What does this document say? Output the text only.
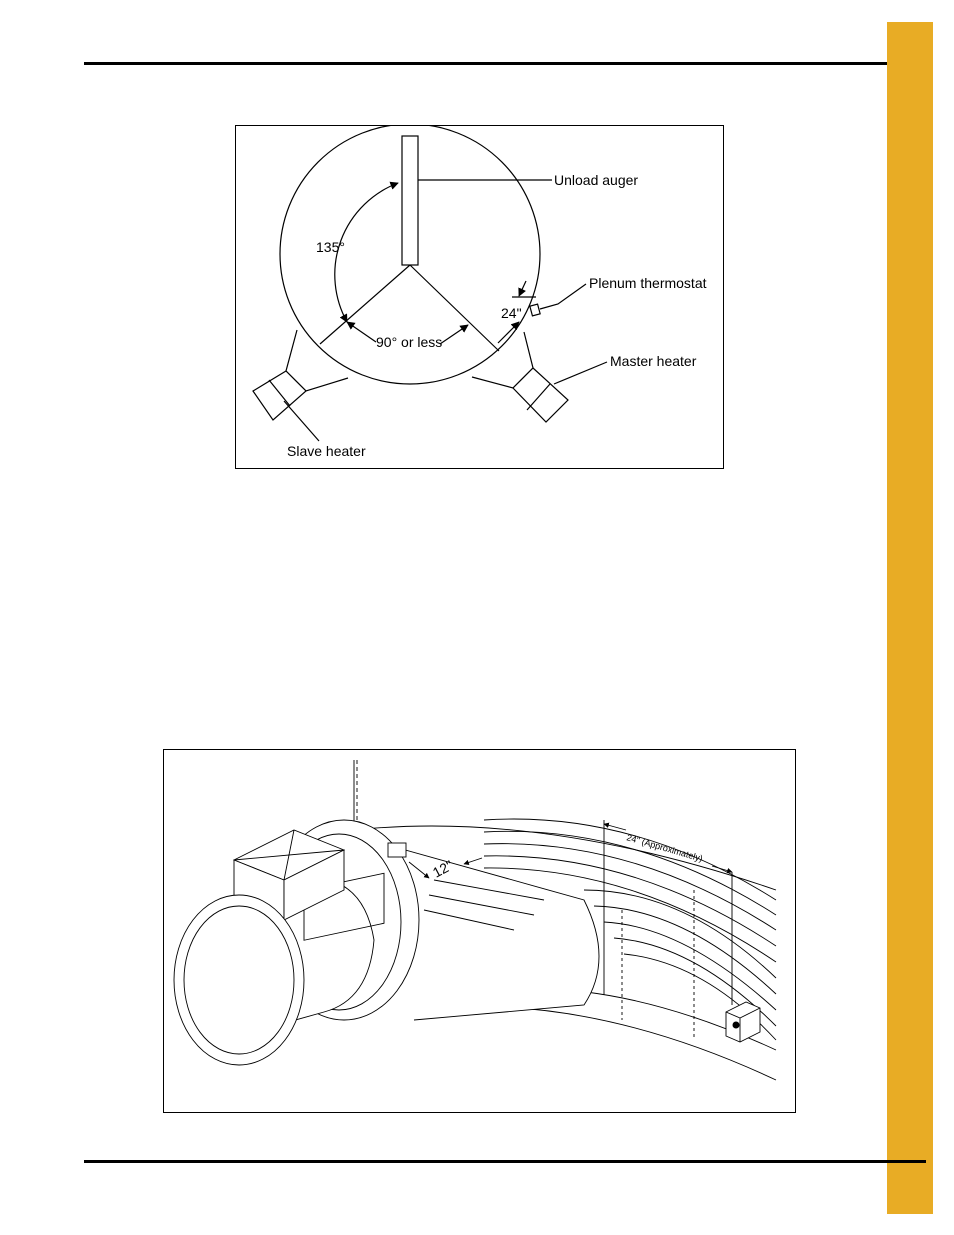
Unload auger
Plenum thermostat
Master heater
Slave heater
135°
90° or less
24"
12"
24" (Approximately)
